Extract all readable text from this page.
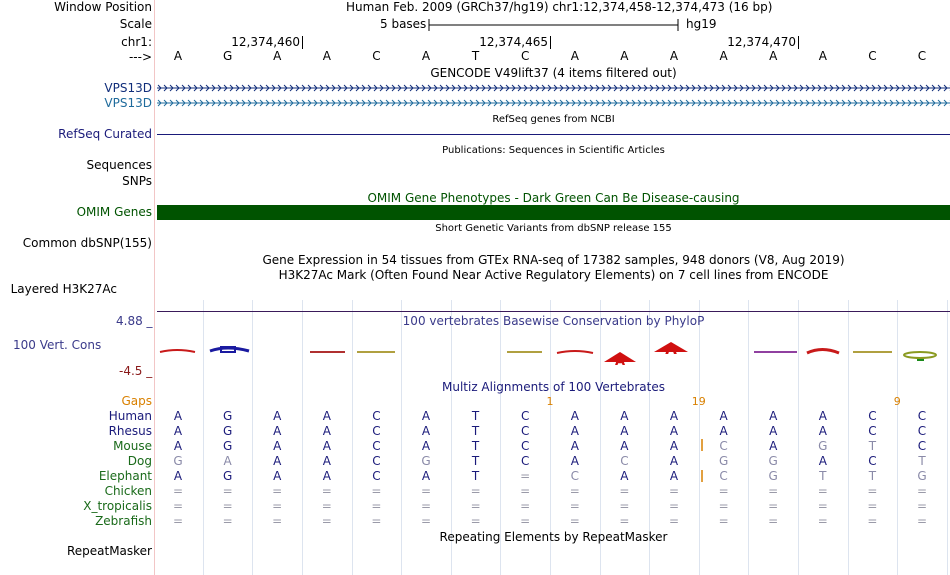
Window Position
Scale
chr1:
--->
Human Feb. 2009 (GRCh37/hg19) chr1:12,374,458-12,374,473 (16 bp)
5 bases	hg19
12,374,460	12,374,465	12,374,470
A	G	A	A	C	A	T	C	A	A	A	A	A	A	C	C
GENCODE V49lift37 (4 items filtered out)
VPS13D
VPS13D
RefSeq genes from NCBI
RefSeq Curated
Publications: Sequences in Scientific Articles
Sequences
SNPs
OMIM Gene Phenotypes - Dark Green Can Be Disease-causing
OMIM Genes
Short Genetic Variants from dbSNP release 155
Common dbSNP(155)
Gene Expression in 54 tissues from GTEx RNA-seq of 17382 samples, 948 donors (V8, Aug 2019)
H3K27Ac Mark (Often Found Near Active Regulatory Elements) on 7 cell lines from ENCODE
Layered H3K27Ac
4.88 _	100 vertebrates Basewise Conservation by PhyloP
100 Vert. Cons
-4.5 _
A
A
Multiz Alignments of 100 Vertebrates
Gaps	1	19	9
Human	A	G	A	A	C	A	T	C	A	A	A	A	A	A	C	C
Rhesus	A	G	A	A	C	A	T	C	A	A	A	A	A	A	C	C
Mouse	A	G	A	A	C	A	T	C	A	A	A	C	A	G	T	C
Dog	G	A	A	A	C	G	T	C	A	C	A	G	G	A	C	T
Elephant	A	G	A	A	C	A	T	=	C	A	A	C	G	T	T	G
Chicken	=	=	=	=	=	=	=	=	=	=	=	=	=	=	=	=
X_tropicalis	=	=	=	=	=	=	=	=	=	=	=	=	=	=	=	=
Zebrafish	=	=	=	=	=	=	=	=	=	=	=	=	=	=	=	=
Repeating Elements by RepeatMasker
RepeatMasker
